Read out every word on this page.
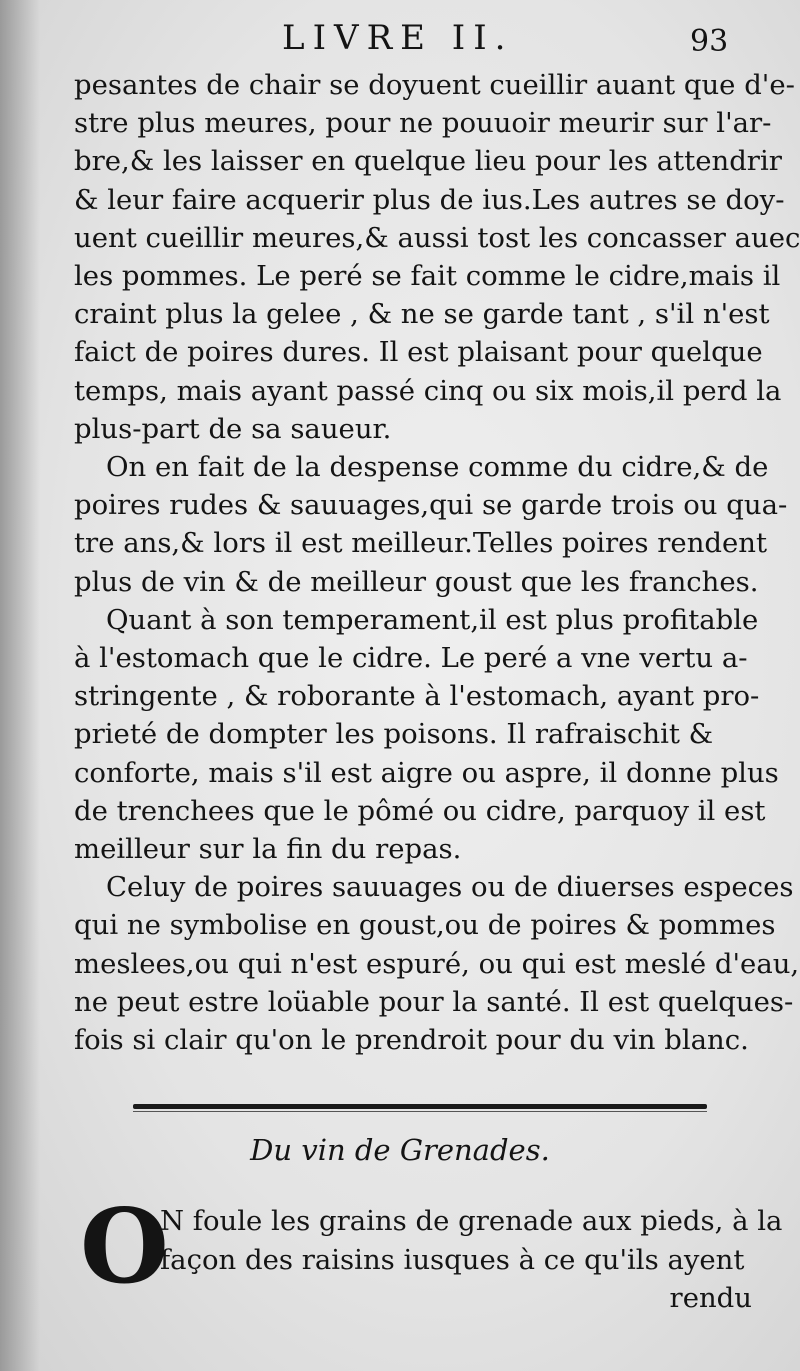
LIVRE II.	93
pesantes de chair se doyuent cueillir auant que d'e-
stre plus meures, pour ne pouuoir meurir sur l'ar-
bre,& les laisser en quelque lieu pour les attendrir
& leur faire acquerir plus de ius.Les autres se doy-
uent cueillir meures,& aussi tost les concasser auec
les pommes. Le peré se fait comme le cidre,mais il
craint plus la gelee , & ne se garde tant , s'il n'est
faict de poires dures. Il est plaisant pour quelque
temps, mais ayant passé cinq ou six mois,il perd la
plus-part de sa saueur.
On en fait de la despense comme du cidre,& de
poires rudes & sauuages,qui se garde trois ou qua-
tre ans,& lors il est meilleur.Telles poires rendent
plus de vin & de meilleur goust que les franches.
Quant à son temperament,il est plus profitable
à l'estomach que le cidre. Le peré a vne vertu a-
stringente , & roborante à l'estomach, ayant pro-
prieté de dompter les poisons. Il rafraischit &
conforte, mais s'il est aigre ou aspre, il donne plus
de trenchees que le pômé ou cidre, parquoy il est
meilleur sur la fin du repas.
Celuy de poires sauuages ou de diuerses especes
qui ne symbolise en goust,ou de poires & pommes
meslees,ou qui n'est espuré, ou qui est meslé d'eau,
ne peut estre loüable pour la santé. Il est quelques-
fois si clair qu'on le prendroit pour du vin blanc.
Du vin de Grenades.
O
N foule les grains de grenade aux pieds, à la
façon des raisins iusques à ce qu'ils ayent
rendu
